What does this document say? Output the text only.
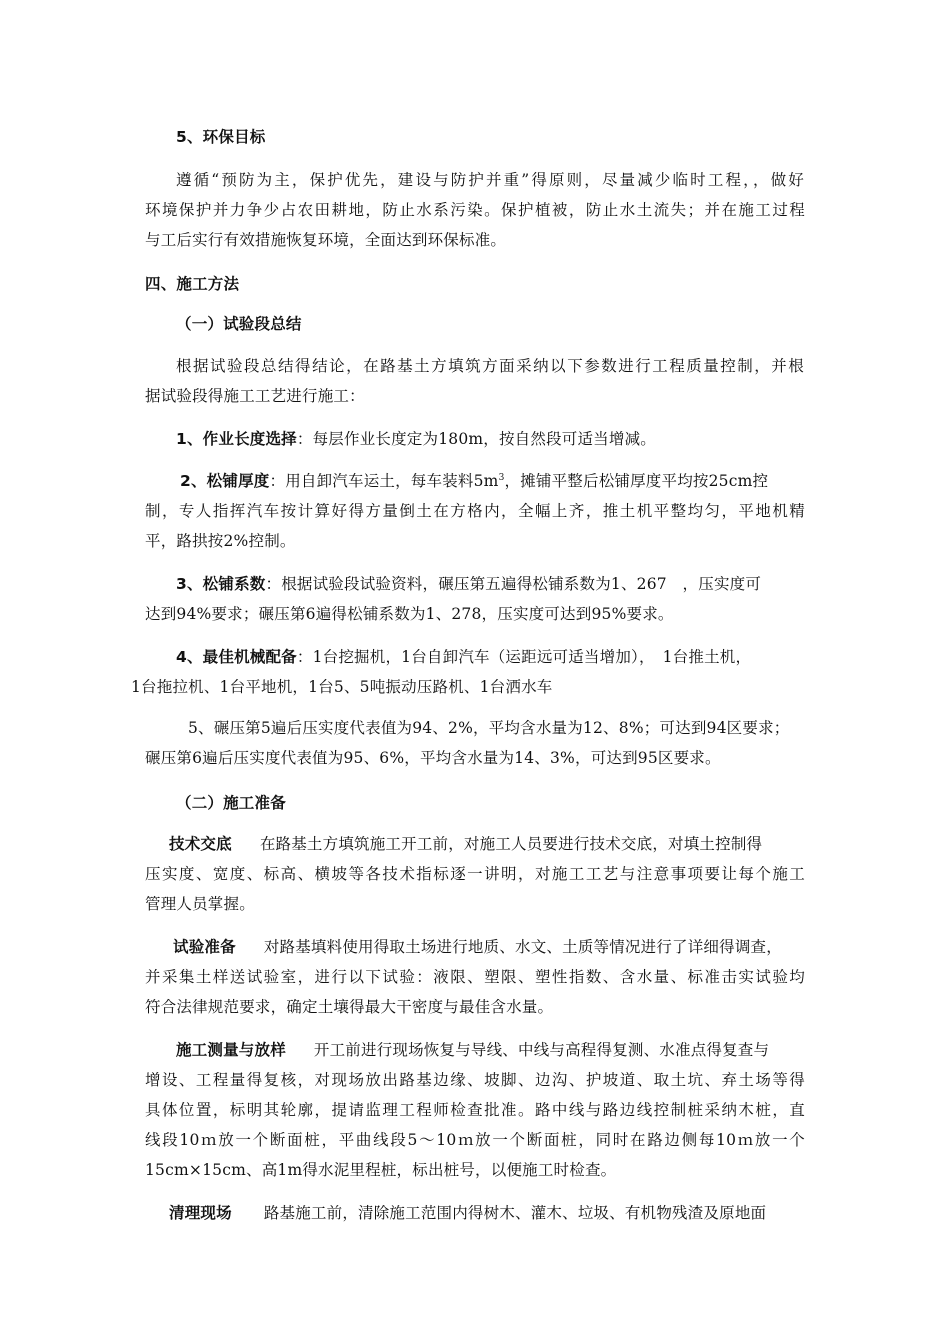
5、环保目标
遵循“预防为主，保护优先，建设与防护并重”得原则，尽量减少临时工程，，做好
环境保护并力争少占农田耕地，防止水系污染。保护植被，防止水土流失；并在施工过程
与工后实行有效措施恢复环境，全面达到环保标准。
四、施工方法
（一）试验段总结
根据试验段总结得结论，在路基土方填筑方面采纳以下参数进行工程质量控制，并根
据试验段得施工工艺进行施工：
1、作业长度选择：每层作业长度定为180m，按自然段可适当增减。
2、松铺厚度：用自卸汽车运土，每车装料$5m^3$，摊铺平整后松铺厚度平均按25cm控
制，专人指挥汽车按计算好得方量倒土在方格内，全幅上齐，推土机平整均匀，平地机精
平，路拱按2%控制。
3、松铺系数：根据试验段试验资料，碾压第五遍得松铺系数为1、267　，压实度可
达到94%要求；碾压第6遍得松铺系数为1、278，压实度可达到95%要求。
4、最佳机械配备：1台挖掘机，1台自卸汽车（运距远可适当增加），　1台推土机，
1台拖拉机、1台平地机，1台5、5吨振动压路机、1台洒水车
5、碾压第5遍后压实度代表值为94、2%，平均含水量为12、8%；可达到94区要求；
碾压第6遍后压实度代表值为95、6%，平均含水量为14、3%，可达到95区要求。
（二）施工准备
技术交底 在路基土方填筑施工开工前，对施工人员要进行技术交底，对填土控制得
压实度、宽度、标高、横坡等各技术指标逐一讲明，对施工工艺与注意事项要让每个施工
管理人员掌握。
试验准备 对路基填料使用得取土场进行地质、水文、土质等情况进行了详细得调查，
并采集土样送试验室，进行以下试验：液限、塑限、塑性指数、含水量、标准击实试验均
符合法律规范要求，确定土壤得最大干密度与最佳含水量。
施工测量与放样 开工前进行现场恢复与导线、中线与高程得复测、水准点得复查与
增设、工程量得复核，对现场放出路基边缘、坡脚、边沟、护坡道、取土坑、弃土场等得
具体位置，标明其轮廓，提请监理工程师检查批准。路中线与路边线控制桩采纳木桩，直
线段10ｍ放一个断面桩，平曲线段5～10ｍ放一个断面桩，同时在路边侧每10ｍ放一个
15cm×15cm、高1m得水泥里程桩，标出桩号，以便施工时检查。
清理现场 路基施工前，清除施工范围内得树木、灌木、垃圾、有机物残渣及原地面
